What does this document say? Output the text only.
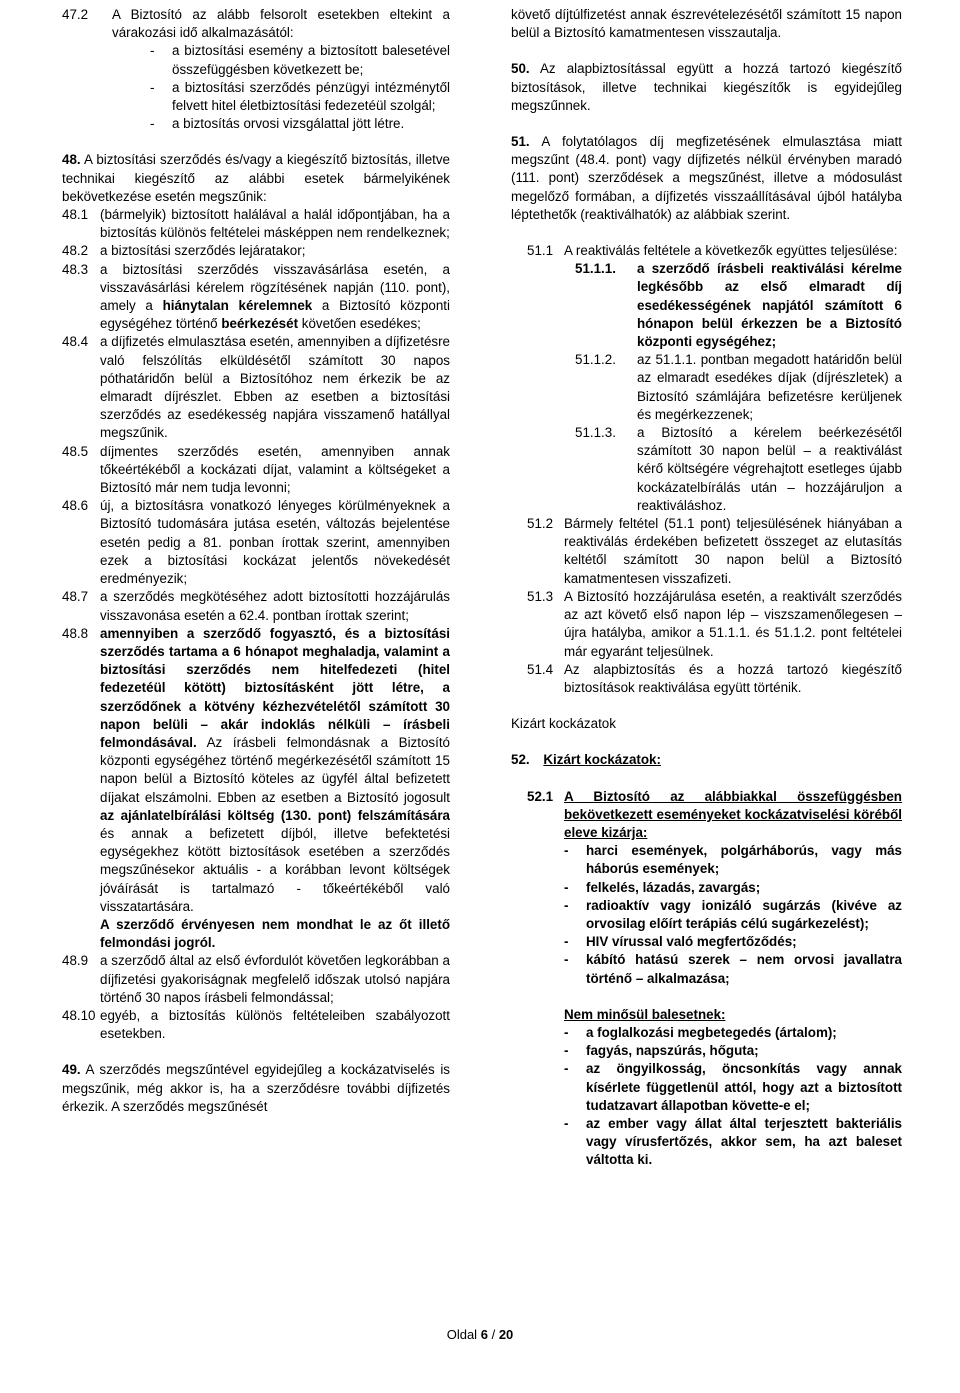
47.2 A Biztosító az alább felsorolt esetekben eltekint a várakozási idő alkalmazásától:

- a biztosítási esemény a biztosított balesetével összefüggésben következett be;

- a biztosítási szerződés pénzügyi intézménytől felvett hitel életbiztosítási fedezetéül szolgál;

- a biztosítás orvosi vizsgálattal jött létre.

48. A biztosítási szerződés és/vagy a kiegészítő biztosítás, illetve technikai kiegészítő az alábbi esetek bármelyikének bekövetkezése esetén megszűnik:

48.1 (bármelyik) biztosított halálával a halál időpontjában, ha a biztosítás különös feltételei másképpen nem rendelkeznek;

48.2 a biztosítási szerződés lejáratakor;

48.3 a biztosítási szerződés visszavásárlása esetén, a visszavásárlási kérelem rögzítésének napján (110. pont), amely a hiánytalan kérelemnek a Biztosító központi egységéhez történő beérkezését követően esedékes;

48.4 a díjfizetés elmulasztása esetén, amennyiben a díjfizetésre való felszólítás elküldésétől számított 30 napos póthatáridőn belül a Biztosítóhoz nem érkezik be az elmaradt díjrészlet. Ebben az esetben a biztosítási szerződés az esedékesség napjára visszamenő hatállyal megszűnik.

48.5 díjmentes szerződés esetén, amennyiben annak tőkeértékéből a kockázati díjat, valamint a költségeket a Biztosító már nem tudja levonni;

48.6 új, a biztosításra vonatkozó lényeges körülményeknek a Biztosító tudomására jutása esetén, változás bejelentése esetén pedig a 81. ponban írottak szerint, amennyiben ezek a biztosítási kockázat jelentős növekedését eredményezik;

48.7 a szerződés megkötéséhez adott biztosítotti hozzájárulás visszavonása esetén a 62.4. pontban írottak szerint;

48.8 amennyiben a szerződő fogyasztó, és a biztosítási szerződés tartama a 6 hónapot meghaladja, valamint a biztosítási szerződés nem hitelfedezeti (hitel fedezetéül kötött) biztosításként jött létre, a szerződőnek a kötvény kézhezvételétől számított 30 napon belüli – akár indoklás nélküli – írásbeli felmondásával. Az írásbeli felmondásnak a Biztosító központi egységéhez történő megérkezésétől számított 15 napon belül a Biztosító köteles az ügyfél által befizetett díjakat elszámolni. Ebben az esetben a Biztosító jogosult az ajánlatelbírálási költség (130. pont) felszámítására és annak a befizetett díjból, illetve befektetési egységekhez kötött biztosítások esetében a szerződés megszűnésekor aktuális - a korábban levont költségek jóváírását is tartalmazó - tőkeértékéből való visszatartására.

A szerződő érvényesen nem mondhat le az őt illető felmondási jogról.

48.9 a szerződő által az első évfordulót követően legkorábban a díjfizetési gyakoriságnak megfelelő időszak utolsó napjára történő 30 napos írásbeli felmondással;

48.10 egyéb, a biztosítás különös feltételeiben szabályozott esetekben.

49. A szerződés megszűntével egyidejűleg a kockázatviselés is megszűnik, még akkor is, ha a szerződésre további díjfizetés érkezik. A szerződés megszűnését

követő díjtúlfizetést annak észrevételezésétől számított 15 napon belül a Biztosító kamatmentesen visszautalja.

50. Az alapbiztosítással együtt a hozzá tartozó kiegészítő biztosítások, illetve technikai kiegészítők is egyidejűleg megszűnnek.

51. A folytatólagos díj megfizetésének elmulasztása miatt megszűnt (48.4. pont) vagy díjfizetés nélkül érvényben maradó (111. pont) szerződések a megszűnést, illetve a módosulást megelőző formában, a díjfizetés visszaállításával újból hatályba léptethetők (reaktiválhatók) az alábbiak szerint.

51.1 A reaktiválás feltétele a következők együttes teljesülése:

51.1.1.	a szerződő írásbeli reaktiválási kérelme legkésőbb az első elmaradt díj esedékességének napjától számított 6 hónapon belül érkezzen be a Biztosító központi egységéhez;

51.1.2.	az 51.1.1. pontban megadott határidőn belül az elmaradt esedékes díjak (díjrészletek) a Biztosító számlájára befizetésre kerüljenek és megérkezzenek;

51.1.3.	a Biztosító a kérelem beérkezésétől számított 30 napon belül – a reaktiválást kérő költségére végrehajtott esetleges újabb kockázatelbírálás után – hozzájáruljon a reaktiváláshoz.

51.2 Bármely feltétel (51.1 pont) teljesülésének hiányában a reaktiválás érdekében befizetett összeget az elutasítás keltétől számított 30 napon belül a Biztosító kamatmentesen visszafizeti.

51.3 A Biztosító hozzájárulása esetén, a reaktivált szerződés az azt követő első napon lép – viszszamenőlegesen – újra hatályba, amikor a 51.1.1. és 51.1.2. pont feltételei már egyaránt teljesülnek.

51.4 Az alapbiztosítás és a hozzá tartozó kiegészítő biztosítások reaktiválása együtt történik.

Kizárt kockázatok

52. Kizárt kockázatok:

52.1 A Biztosító az alábbiakkal összefüggésben bekövetkezett eseményeket kockázatviselési köréből eleve kizárja:

- harci események, polgárháborús, vagy más háborús események;

- felkelés, lázadás, zavargás;

- radioaktív vagy ionizáló sugárzás (kivéve az orvosilag előírt terápiás célú sugárkezelést);

- HIV vírussal való megfertőződés;

- kábító hatású szerek – nem orvosi javallatra történő – alkalmazása;

Nem minősül balesetnek:

- a foglalkozási megbetegedés (ártalom);

- fagyás, napszúrás, hőguta;

- az öngyilkosság, öncsonkítás vagy annak kísérlete függetlenül attól, hogy azt a biztosított tudatzavart állapotban követte-e el;

- az ember vagy állat által terjesztett bakteriális vagy vírusfertőzés, akkor sem, ha azt baleset váltotta ki.

Oldal 6 / 20
